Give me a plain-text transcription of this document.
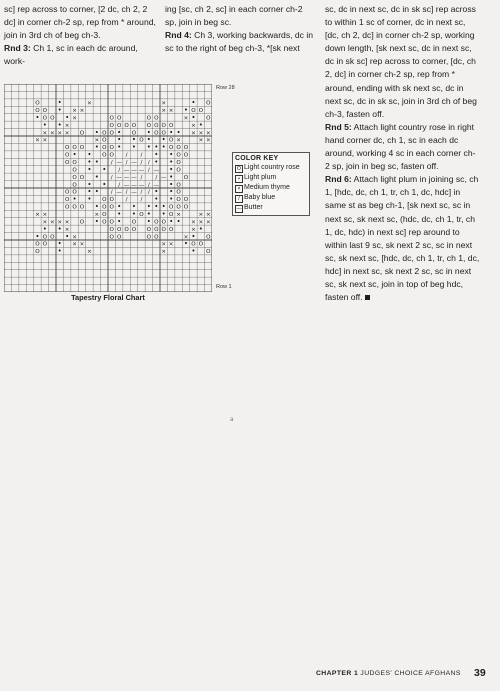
sc] rep across to corner, [2 dc, ch 2, 2 dc] in corner ch-2 sp, rep from * around, join in 3rd ch of beg ch-3.
Rnd 3: Ch 1, sc in each dc around, work-
ing [sc, ch 2, sc] in each corner ch-2 sp, join in beg sc.
Rnd 4: Ch 3, working backwards, dc in sc to the right of beg ch-3, *[sk next
sc, dc in next sc, dc in sk sc] rep across to within 1 sc of corner, dc in next sc, [dc, ch 2, dc] in corner ch-2 sp, working down length, [sk next sc, dc in next sc, dc in sk sc] rep across to corner, [dc, ch 2, dc] in corner ch-2 sp, rep from * around, ending with sk next sc, dc in next sc, dc in sk sc, join in 3rd ch of beg ch-3, fasten off.
Rnd 5: Attach light country rose in right hand corner dc, ch 1, sc in each dc around, working 4 sc in each corner ch-2 sp, join in beg sc, fasten off.
Rnd 6: Attach light plum in joining sc, ch 1, [hdc, dc, ch 1, tr, ch 1, dc, hdc] in same st as beg ch-1, [sk next sc, sc in next sc, sk next sc, (hdc, dc, ch 1, tr, ch 1, dc, hdc) in next sc] rep around to within last 9 sc, sk next 2 sc, sc in next sc, sk next sc, [hdc, dc, ch 1, tr, ch 1, dc, hdc] in next sc, sk next 2 sc, sc in next sc, sk next sc, join in top of beg hdc, fasten off.
O	•	×	×	• O
O O • × ×	× × • O O
• O O • ×	O O	O O	× • O
• • ×	O O O O O O O O	× •
× × × × O • O O • O • O O • • × × ×
× ×	× O • • O • • O ×	× ×
O O O • O O • • • • • O O O
O • • O O / / • • O O
O O • • / — / — / / • • O
O • • / — — — / — • O
O O • / — — — / / — • O
O • • / — — — / — • O
O O • • / — / — / / • • O
O • • O O / / • • O O
O O O • O O • • • • • O O O
× ×	× O • • O • • O ×	× ×
× × × × O • O O • O • O O • • × × ×
• • ×	O O O O O O O O	× •
• O O • ×	O O	O O	× • O
O O • × ×	× × • O O
O	•	×	×	• O
Row 28
Row 1
Tapestry Floral Chart
COLOR KEY
O Light country rose
• Light plum
× Medium thyme
/ Baby blue
— Butter
a
CHAPTER 1 JUDGES' CHOICE AFGHANS 39
